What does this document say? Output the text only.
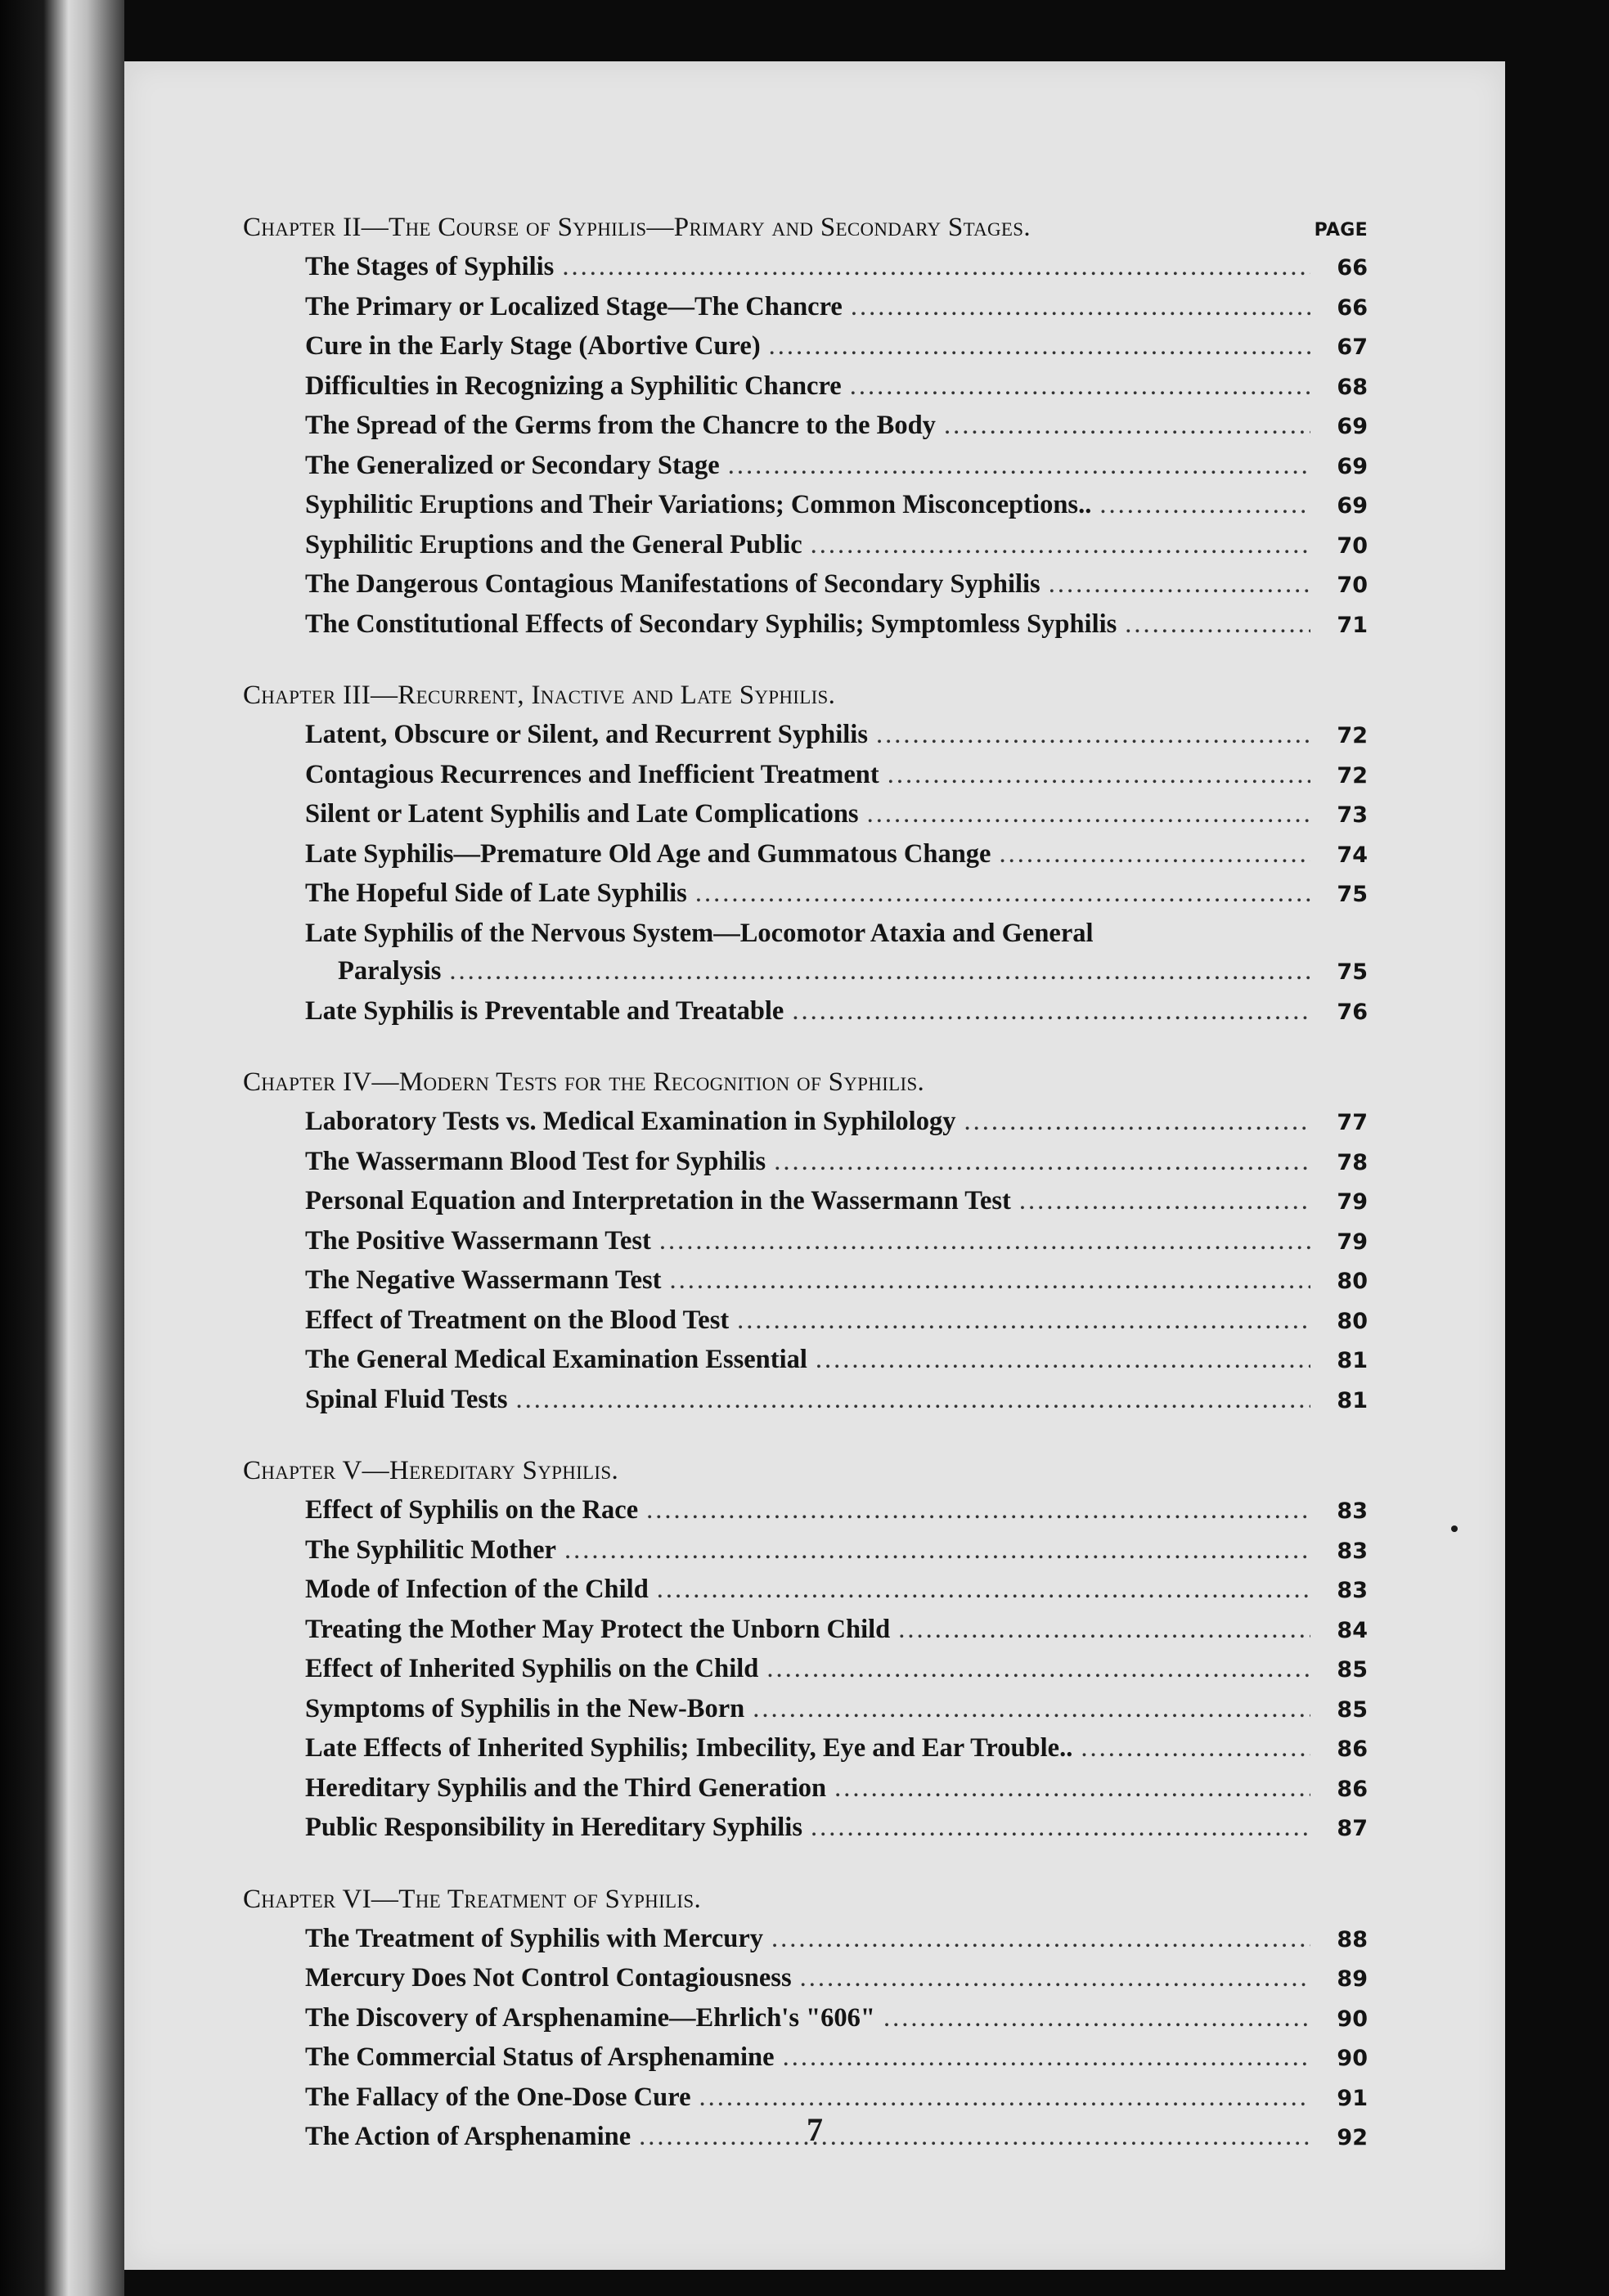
Chapter II—The Course of Syphilis—Primary and Secondary Stages.	PAGE
The Stages of Syphilis .....	66
The Primary or Localized Stage—The Chancre .....	66
Cure in the Early Stage (Abortive Cure) .....	67
Difficulties in Recognizing a Syphilitic Chancre .....	68
The Spread of the Germs from the Chancre to the Body .....	69
The Generalized or Secondary Stage .....	69
Syphilitic Eruptions and Their Variations; Common Misconceptions.. .....	69
Syphilitic Eruptions and the General Public .....	70
The Dangerous Contagious Manifestations of Secondary Syphilis .....	70
The Constitutional Effects of Secondary Syphilis; Symptomless Syphilis .....	71
Chapter III—Recurrent, Inactive and Late Syphilis.
Latent, Obscure or Silent, and Recurrent Syphilis .....	72
Contagious Recurrences and Inefficient Treatment .....	72
Silent or Latent Syphilis and Late Complications .....	73
Late Syphilis—Premature Old Age and Gummatous Change .....	74
The Hopeful Side of Late Syphilis .....	75
Late Syphilis of the Nervous System—Locomotor Ataxia and General
Paralysis .....	75
Late Syphilis is Preventable and Treatable .....	76
Chapter IV—Modern Tests for the Recognition of Syphilis.
Laboratory Tests vs. Medical Examination in Syphilology .....	77
The Wassermann Blood Test for Syphilis .....	78
Personal Equation and Interpretation in the Wassermann Test .....	79
The Positive Wassermann Test .....	79
The Negative Wassermann Test .....	80
Effect of Treatment on the Blood Test .....	80
The General Medical Examination Essential .....	81
Spinal Fluid Tests .....	81
Chapter V—Hereditary Syphilis.
Effect of Syphilis on the Race .....	83
The Syphilitic Mother .....	83
Mode of Infection of the Child .....	83
Treating the Mother May Protect the Unborn Child .....	84
Effect of Inherited Syphilis on the Child .....	85
Symptoms of Syphilis in the New-Born .....	85
Late Effects of Inherited Syphilis; Imbecility, Eye and Ear Trouble.. .....	86
Hereditary Syphilis and the Third Generation .....	86
Public Responsibility in Hereditary Syphilis .....	87
Chapter VI—The Treatment of Syphilis.
The Treatment of Syphilis with Mercury .....	88
Mercury Does Not Control Contagiousness .....	89
The Discovery of Arsphenamine—Ehrlich's "606" .....	90
The Commercial Status of Arsphenamine .....	90
The Fallacy of the One-Dose Cure .....	91
The Action of Arsphenamine .....	92
7
